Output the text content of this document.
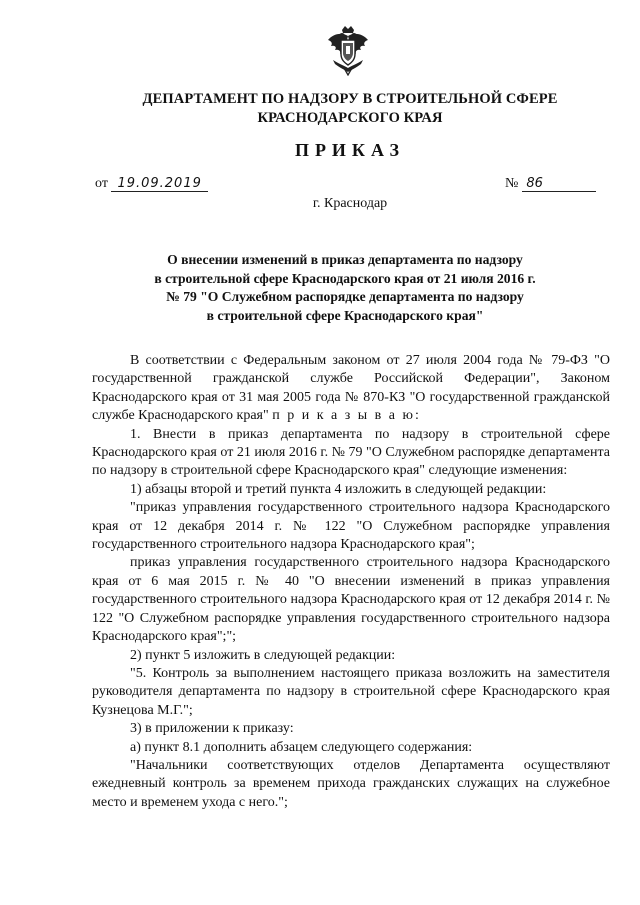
ДЕПАРТАМЕНТ ПО НАДЗОРУ В СТРОИТЕЛЬНОЙ СФЕРЕ
КРАСНОДАРСКОГО КРАЯ
ПРИКАЗ
от 19.09.2019	№ 86
г. Краснодар
О внесении изменений в приказ департамента по надзору
в строительной сфере Краснодарского края от 21 июля 2016 г.
№ 79 "О Служебном распорядке департамента по надзору
в строительной сфере Краснодарского края"

В соответствии с Федеральным законом от 27 июля 2004 года № 79-ФЗ "О государственной гражданской службе Российской Федерации", Законом Краснодарского края от 31 мая 2005 года № 870-КЗ "О государственной гражданской службе Краснодарского края" п р и к а з ы в а ю:

1. Внести в приказ департамента по надзору в строительной сфере Краснодарского края от 21 июля 2016 г. № 79 "О Служебном распорядке департамента по надзору в строительной сфере Краснодарского края" следующие изменения:

1) абзацы второй и третий пункта 4 изложить в следующей редакции:

"приказ управления государственного строительного надзора Краснодарского края от 12 декабря 2014 г. № 122 "О Служебном распорядке управления государственного строительного надзора Краснодарского края";

приказ управления государственного строительного надзора Краснодарского края от 6 мая 2015 г. № 40 "О внесении изменений в приказ управления государственного строительного надзора Краснодарского края от 12 декабря 2014 г. № 122 "О Служебном распорядке управления государственного строительного надзора Краснодарского края";";

2) пункт 5 изложить в следующей редакции:

"5. Контроль за выполнением настоящего приказа возложить на заместителя руководителя департамента по надзору в строительной сфере Краснодарского края Кузнецова М.Г.";

3) в приложении к приказу:

а) пункт 8.1 дополнить абзацем следующего содержания:

"Начальники соответствующих отделов Департамента осуществляют ежедневный контроль за временем прихода гражданских служащих на служебное место и временем ухода с него.";
